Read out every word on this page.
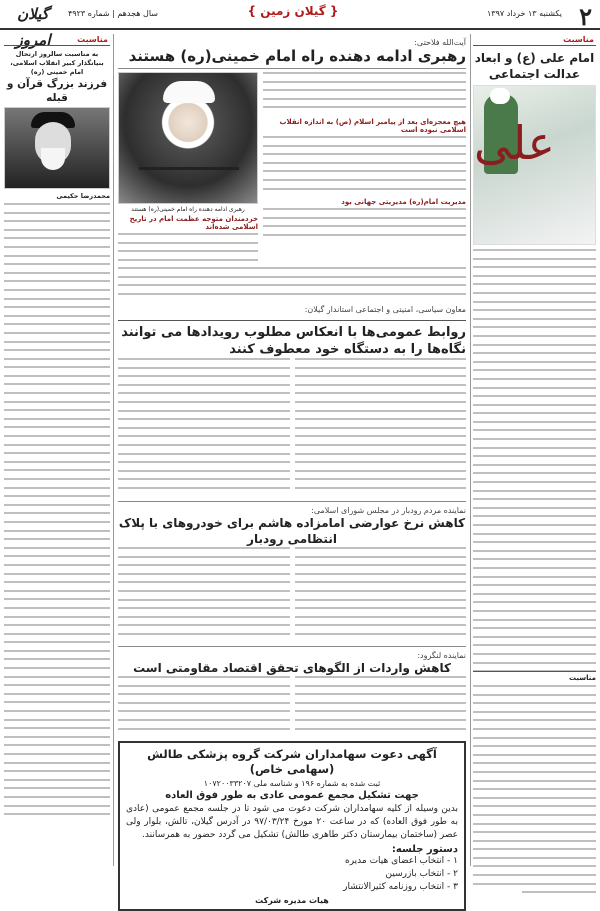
۲
یکشنبه ۱۳ خرداد ۱۳۹۷
{ گیلان زمین }
سال هجدهم | شماره ۴۹۲۳
گیلان امروز	مناسبت
امام علی (ع) و ابعاد عدالت اجتماعی
علی
مناسبت
آیت‌الله فلاحتی:
رهبری ادامه دهنده راه امام خمینی(ره) هستند
هیچ معجزه‌ای بعد از پیامبر اسلام (ص) به اندازه انقلاب اسلامی نبوده است
مدیریت امام(ره) مدیریتی جهانی بود
رهبری ادامه دهنده راه امام خمینی(ره) هستند
خردمندان متوجه عظمت امام در تاریخ اسلامی شده‌اند
معاون سیاسی، امنیتی و اجتماعی استاندار گیلان:
روابط عمومی‌ها با انعکاس مطلوب رویدادها می توانند نگاه‌ها را به دستگاه خود معطوف کنند
نماینده مردم رودبار در مجلس شورای اسلامی:
کاهش نرخ عوارضی امامزاده هاشم برای خودروهای با پلاک انتظامی رودبار
نماینده لنگرود:
کاهش واردات از الگوهای تحقق اقتصاد مقاومتی است
آگهی دعوت سهامداران شرکت گروه پزشکی طالش (سهامی خاص)
ثبت شده به شماره ۱۹۶ و شناسه ملی ۱۰۷۲۰۰۳۳۲۰۷
جهت تشکیل مجمع عمومی عادی به طور فوق العاده
بدین وسیله از کلیه سهامداران شرکت دعوت می شود تا در جلسه مجمع عمومی (عادی به طور فوق العاده) که در ساعت ۲۰ مورخ ۹۷/۰۳/۲۴ در آدرس گیلان، تالش، بلوار ولی عصر (ساختمان بیمارستان دکتر طاهری طالش) تشکیل می گردد حضور به همرسانند.
دستور جلسه:
۱ - انتخاب اعضای هیات مدیره
۲ - انتخاب بازرسین
۳ - انتخاب روزنامه کثیرالانتشار
هیات مدیره شرکت
مناسبت
به مناسبت سالروز ارتحال بنیانگذار کبیر انقلاب اسلامی، امام خمینی (ره)
فرزند بزرگ قرآن و قبله
محمدرضا حکیمی
